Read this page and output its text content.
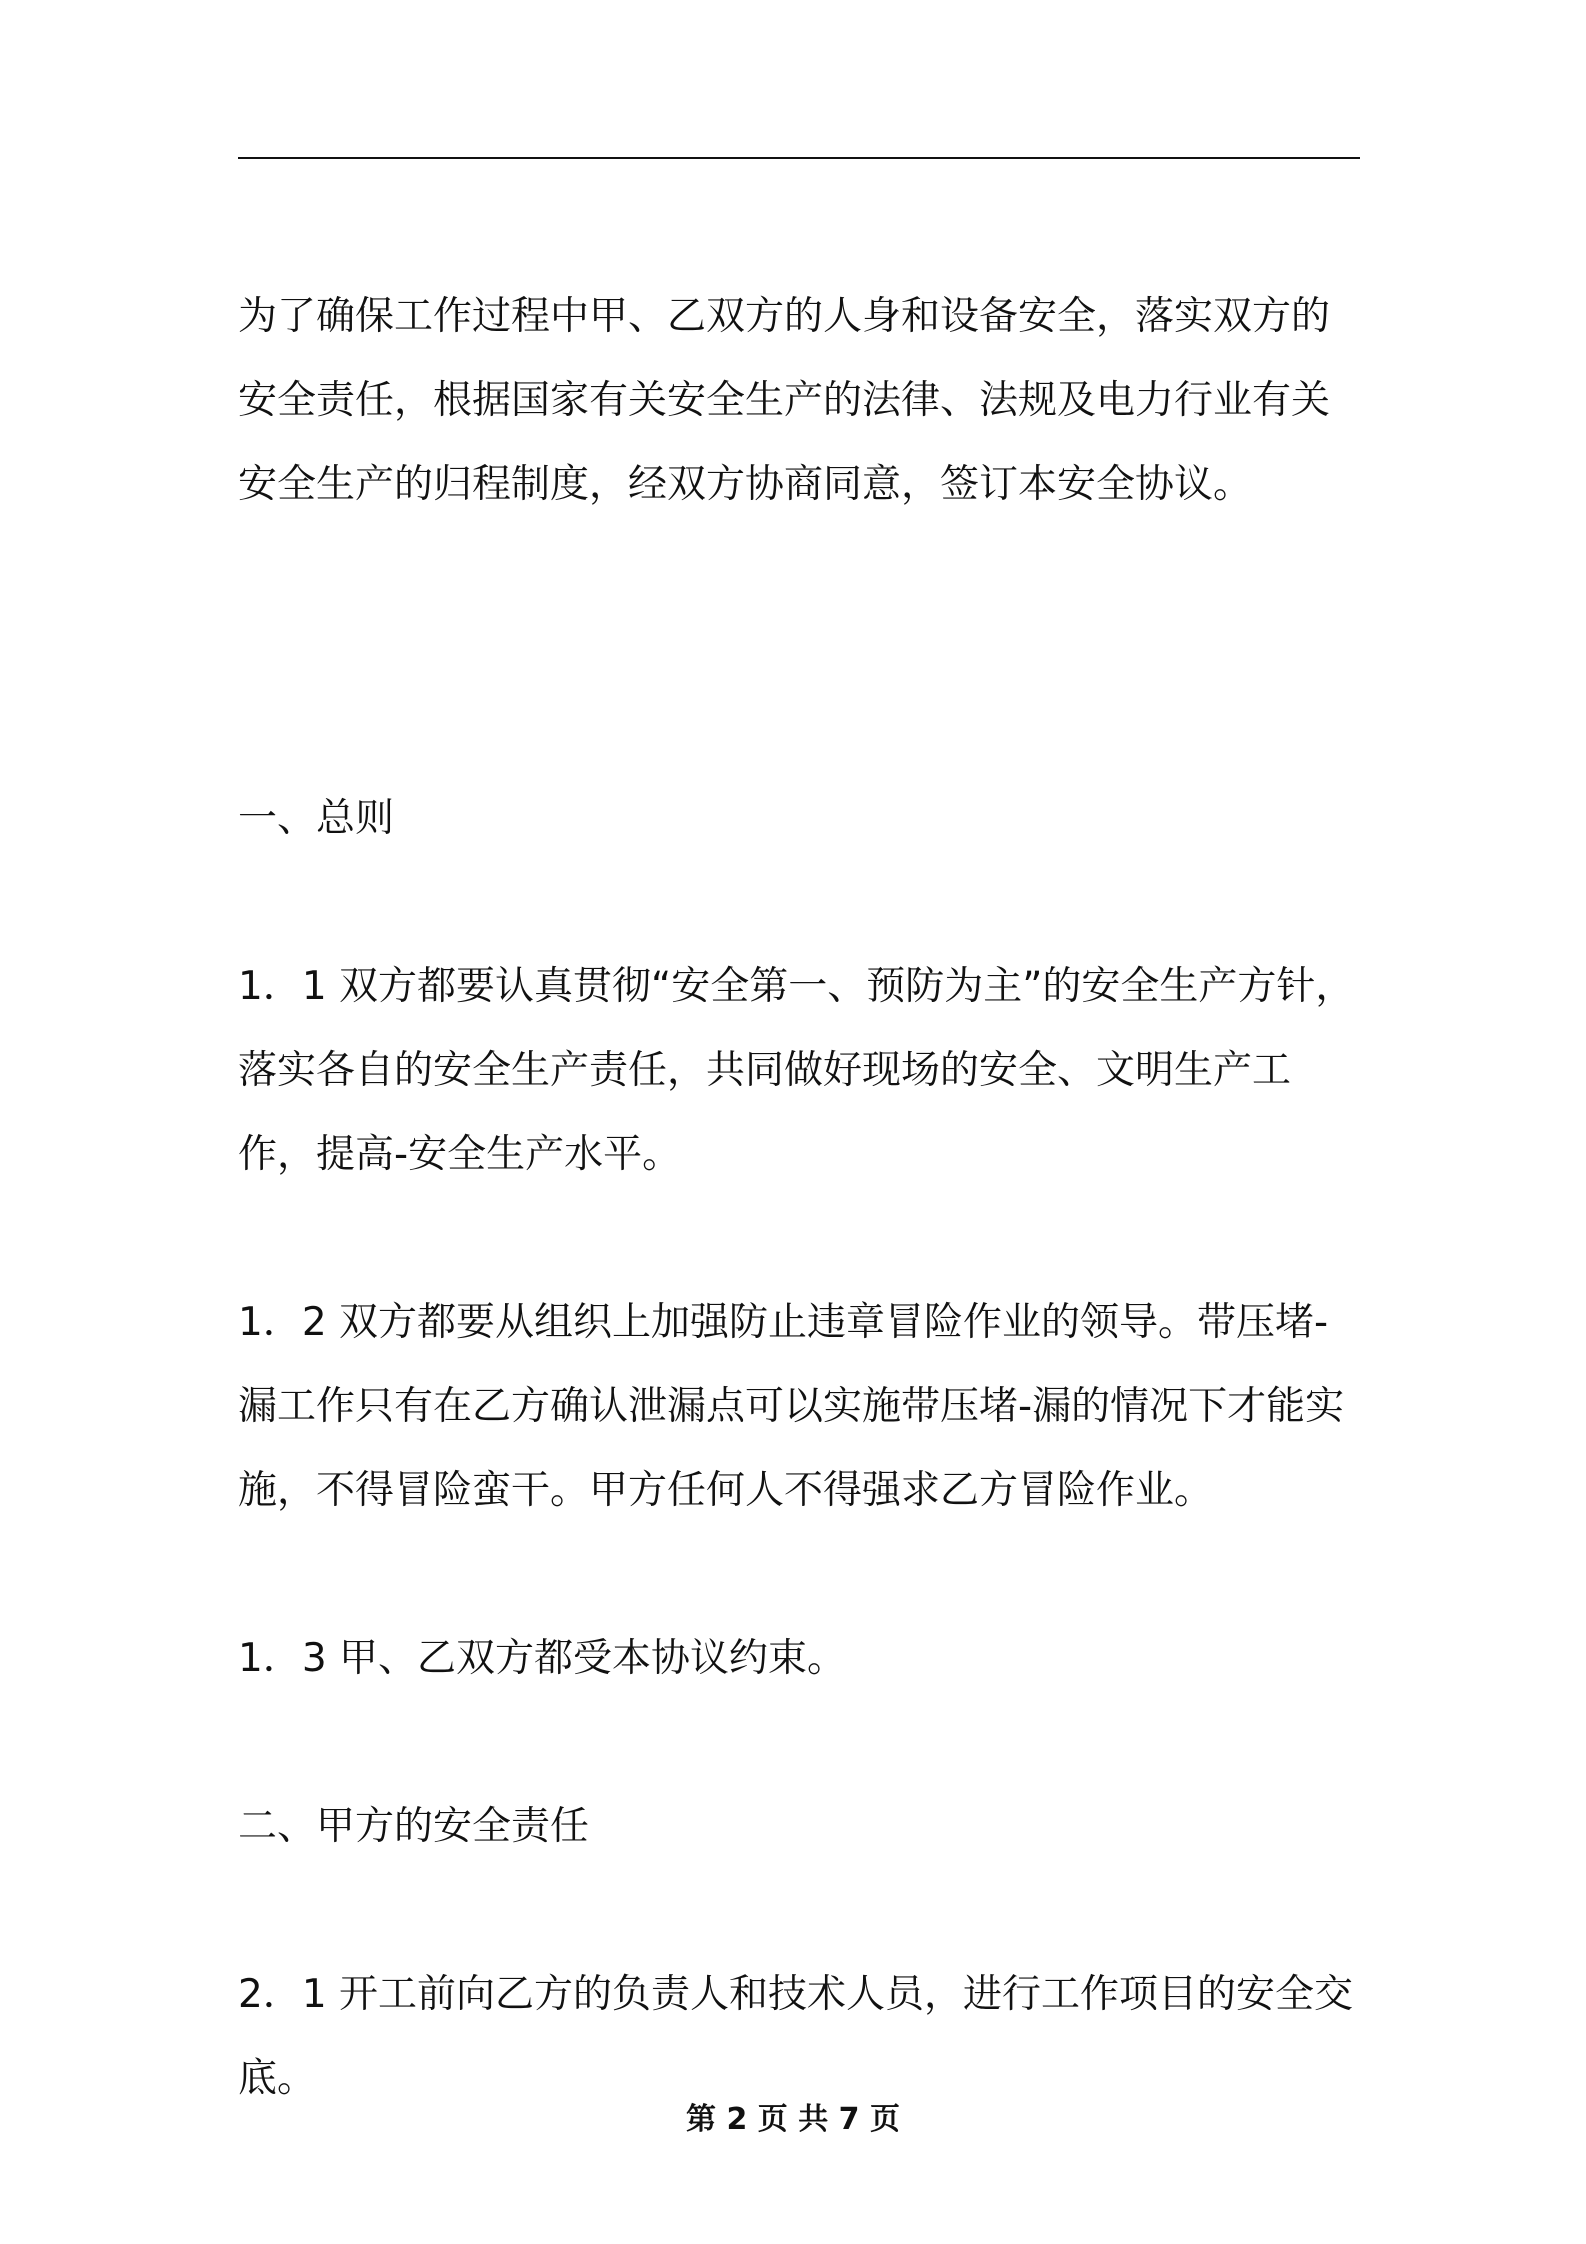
为了确保工作过程中甲、乙双方的人身和设备安全，落实双方的安全责任，根据国家有关安全生产的法律、法规及电力行业有关安全生产的归程制度，经双方协商同意，签订本安全协议。

一、总则

1．1 双方都要认真贯彻“安全第一、预防为主”的安全生产方针，落实各自的安全生产责任，共同做好现场的安全、文明生产工作，提高-安全生产水平。

1．2 双方都要从组织上加强防止违章冒险作业的领导。带压堵-漏工作只有在乙方确认泄漏点可以实施带压堵-漏的情况下才能实施，不得冒险蛮干。甲方任何人不得强求乙方冒险作业。

1．3 甲、乙双方都受本协议约束。

二、甲方的安全责任

2．1 开工前向乙方的负责人和技术人员，进行工作项目的安全交底。

第 2 页 共 7 页
